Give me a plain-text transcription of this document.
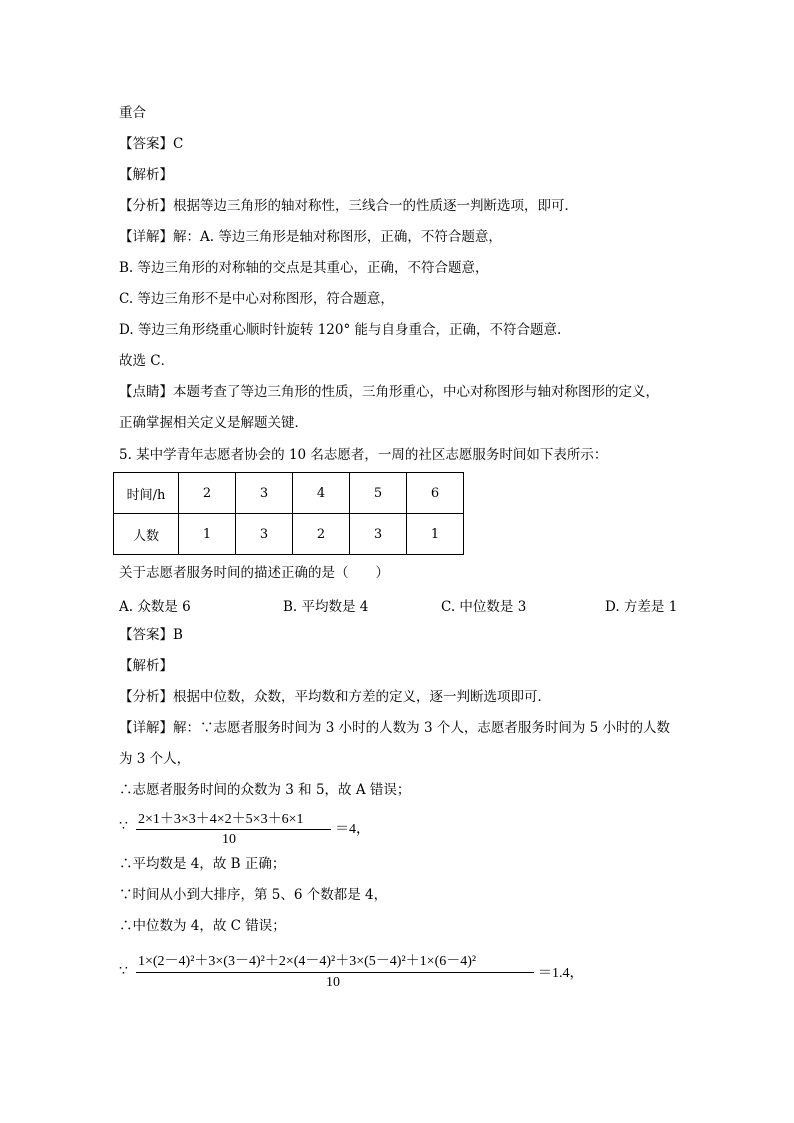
重合
【答案】C
【解析】
【分析】根据等边三角形的轴对称性，三线合一的性质逐一判断选项，即可．
【详解】解：A. 等边三角形是轴对称图形，正确，不符合题意，
B. 等边三角形的对称轴的交点是其重心，正确，不符合题意，
C. 等边三角形不是中心对称图形，符合题意，
D. 等边三角形绕重心顺时针旋转 120° 能与自身重合，正确，不符合题意.
故选 C．
【点睛】本题考查了等边三角形的性质，三角形重心，中心对称图形与轴对称图形的定义，
正确掌握相关定义是解题关键．
5. 某中学青年志愿者协会的 10 名志愿者，一周的社区志愿服务时间如下表所示：
时间/h	2	3	4	5	6
人数	1	3	2	3	1
关于志愿者服务时间的描述正确的是（　　）
A. 众数是 6	B. 平均数是 4	C. 中位数是 3	D. 方差是 1
【答案】B
【解析】
【分析】根据中位数，众数，平均数和方差的定义，逐一判断选项即可．
【详解】解：∵志愿者服务时间为 3 小时的人数为 3 个人，志愿者服务时间为 5 小时的人数
为 3 个人，
∴志愿者服务时间的众数为 3 和 5，故 A 错误；
∵ 2×1＋3×3＋4×2＋5×3＋6×1
10
＝4，
∴平均数是 4，故 B 正确；
∵时间从小到大排序，第 5、6 个数都是 4，
∴中位数为 4，故 C 错误；
∵
1×(2－4)²＋3×(3－4)²＋2×(4－4)²＋3×(5－4)²＋1×(6－4)²
10
＝1.4，
